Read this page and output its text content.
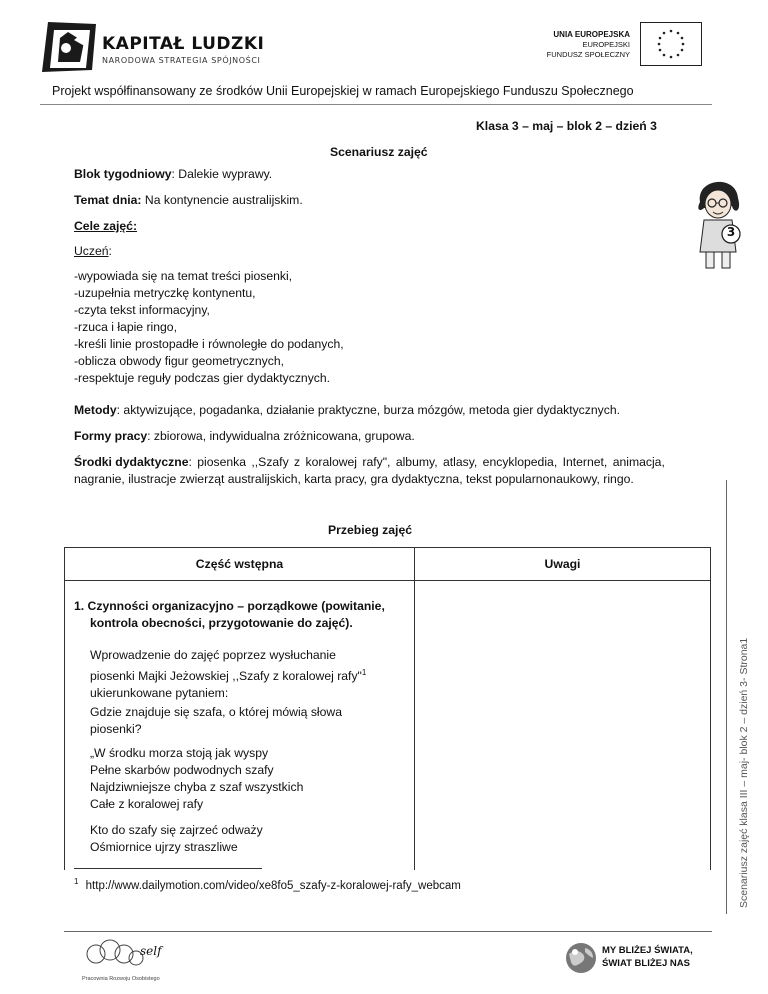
KAPITAŁ LUDZKI
NARODOWA STRATEGIA SPÓJNOŚCI
UNIA EUROPEJSKA
EUROPEJSKI
FUNDUSZ SPOŁECZNY
Projekt współfinansowany ze środków Unii Europejskiej w ramach Europejskiego Funduszu Społecznego
Klasa 3 – maj – blok 2 – dzień 3
Scenariusz zajęć
3
Blok tygodniowy: Dalekie wyprawy.
Temat dnia: Na kontynencie australijskim.
Cele zajęć:
Uczeń:
-wypowiada się na temat treści piosenki,
-uzupełnia metryczkę kontynentu,
-czyta tekst informacyjny,
-rzuca i łapie ringo,
-kreśli linie prostopadłe i równoległe do podanych,
-oblicza obwody figur geometrycznych,
-respektuje reguły podczas gier dydaktycznych.
Metody: aktywizujące, pogadanka, działanie praktyczne, burza mózgów, metoda gier dydaktycznych.
Formy pracy: zbiorowa, indywidualna zróżnicowana, grupowa.
Środki dydaktyczne: piosenka ,,Szafy z koralowej rafy", albumy, atlasy, encyklopedia, Internet, animacja,
nagranie, ilustracje zwierząt australijskich, karta pracy, gra dydaktyczna, tekst popularnonaukowy, ringo.
Przebieg zajęć
Część wstępna	Uwagi
1. Czynności organizacyjno – porządkowe (powitanie,
kontrola obecności, przygotowanie do zajęć).
Wprowadzenie do zajęć poprzez wysłuchanie
piosenki Majki Jeżowskiej ,,Szafy z koralowej rafy"$^1$
ukierunkowane pytaniem:
Gdzie znajduje się szafa, o której mówią słowa
piosenki?
„W środku morza stoją jak wyspy
Pełne skarbów podwodnych szafy
Najdziwniejsze chyba z szaf wszystkich
Całe z koralowej rafy
Kto do szafy się zajrzeć odważy
Ośmiornice ujrzy straszliwe
$^1$ http://www.dailymotion.com/video/xe8fo5_szafy-z-koralowej-rafy_webcam	Scenariusz zajęć klasa III – maj- blok 2 – dzień 3- Strona1
self
Pracownia Rozwoju Osobistego
MY BLIŻEJ ŚWIATA,
ŚWIAT BLIŻEJ NAS
